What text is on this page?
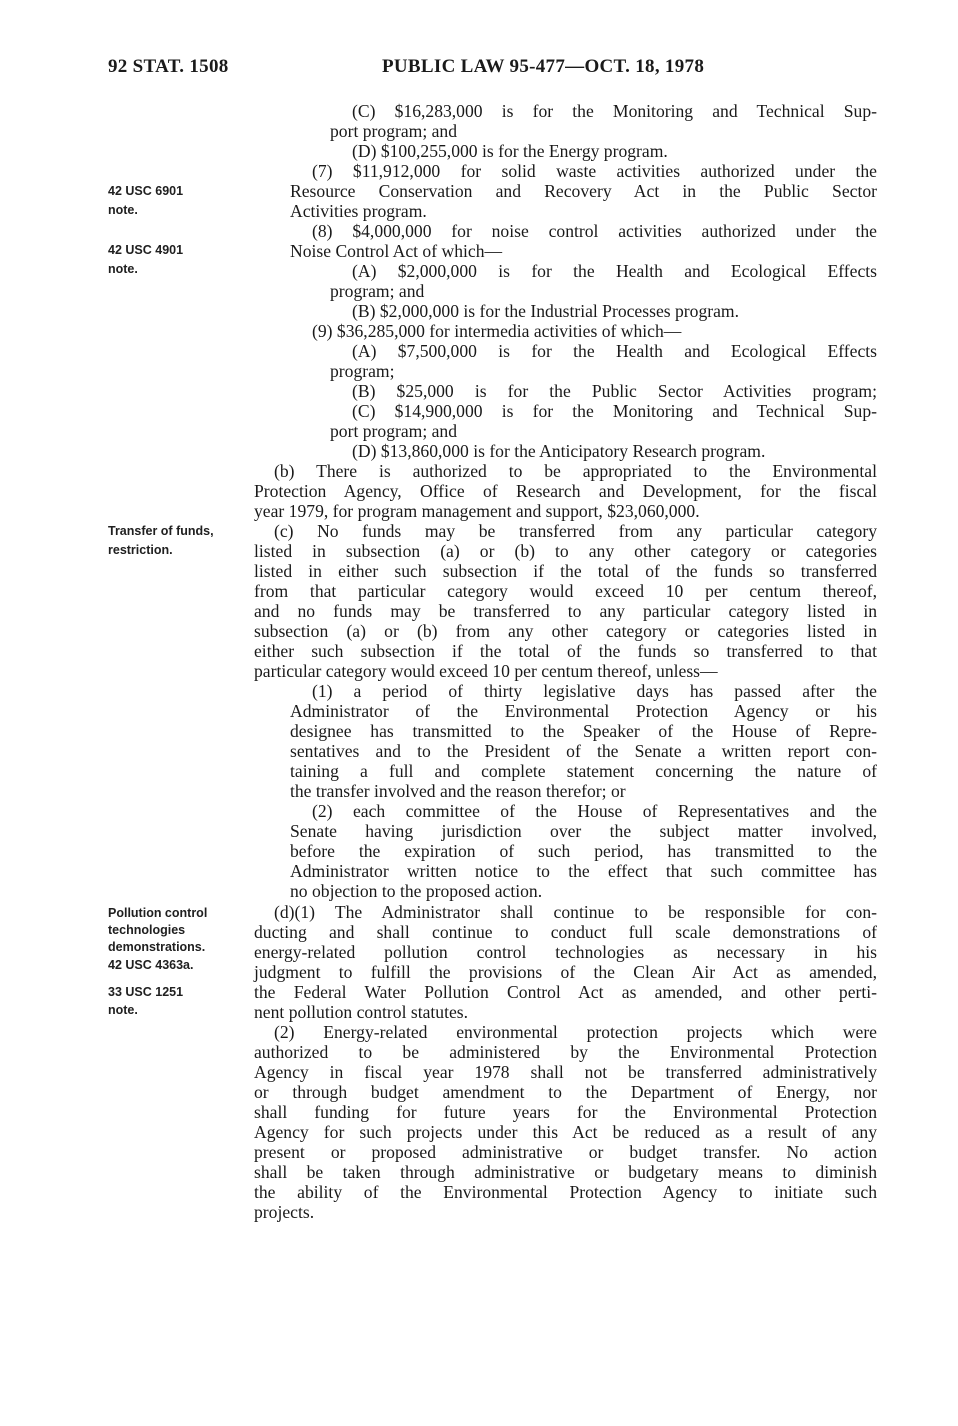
92 STAT. 1508	PUBLIC LAW 95-477—OCT. 18, 1978
42 USC 6901
note.
42 USC 4901
note.
Transfer of funds,
restriction.
Pollution control
technologies
demonstrations.
42 USC 4363a.
33 USC 1251
note.
(C) $16,283,000 is for the Monitoring and Technical Sup-
port program; and
(D) $100,255,000 is for the Energy program.
(7) $11,912,000 for solid waste activities authorized under the
Resource Conservation and Recovery Act in the Public Sector
Activities program.
(8) $4,000,000 for noise control activities authorized under the
Noise Control Act of which—
(A) $2,000,000 is for the Health and Ecological Effects
program; and
(B) $2,000,000 is for the Industrial Processes program.
(9) $36,285,000 for intermedia activities of which—
(A) $7,500,000 is for the Health and Ecological Effects
program;
(B) $25,000 is for the Public Sector Activities program;
(C) $14,900,000 is for the Monitoring and Technical Sup-
port program; and
(D) $13,860,000 is for the Anticipatory Research program.
(b) There is authorized to be appropriated to the Environmental
Protection Agency, Office of Research and Development, for the fiscal
year 1979, for program management and support, $23,060,000.
(c) No funds may be transferred from any particular category
listed in subsection (a) or (b) to any other category or categories
listed in either such subsection if the total of the funds so transferred
from that particular category would exceed 10 per centum thereof,
and no funds may be transferred to any particular category listed in
subsection (a) or (b) from any other category or categories listed in
either such subsection if the total of the funds so transferred to that
particular category would exceed 10 per centum thereof, unless—
(1) a period of thirty legislative days has passed after the
Administrator of the Environmental Protection Agency or his
designee has transmitted to the Speaker of the House of Repre-
sentatives and to the President of the Senate a written report con-
taining a full and complete statement concerning the nature of
the transfer involved and the reason therefor; or
(2) each committee of the House of Representatives and the
Senate having jurisdiction over the subject matter involved,
before the expiration of such period, has transmitted to the
Administrator written notice to the effect that such committee has
no objection to the proposed action.
(d)(1) The Administrator shall continue to be responsible for con-
ducting and shall continue to conduct full scale demonstrations of
energy-related pollution control technologies as necessary in his
judgment to fulfill the provisions of the Clean Air Act as amended,
the Federal Water Pollution Control Act as amended, and other perti-
nent pollution control statutes.
(2) Energy-related environmental protection projects which were
authorized to be administered by the Environmental Protection
Agency in fiscal year 1978 shall not be transferred administratively
or through budget amendment to the Department of Energy, nor
shall funding for future years for the Environmental Protection
Agency for such projects under this Act be reduced as a result of any
present or proposed administrative or budget transfer. No action
shall be taken through administrative or budgetary means to diminish
the ability of the Environmental Protection Agency to initiate such
projects.
